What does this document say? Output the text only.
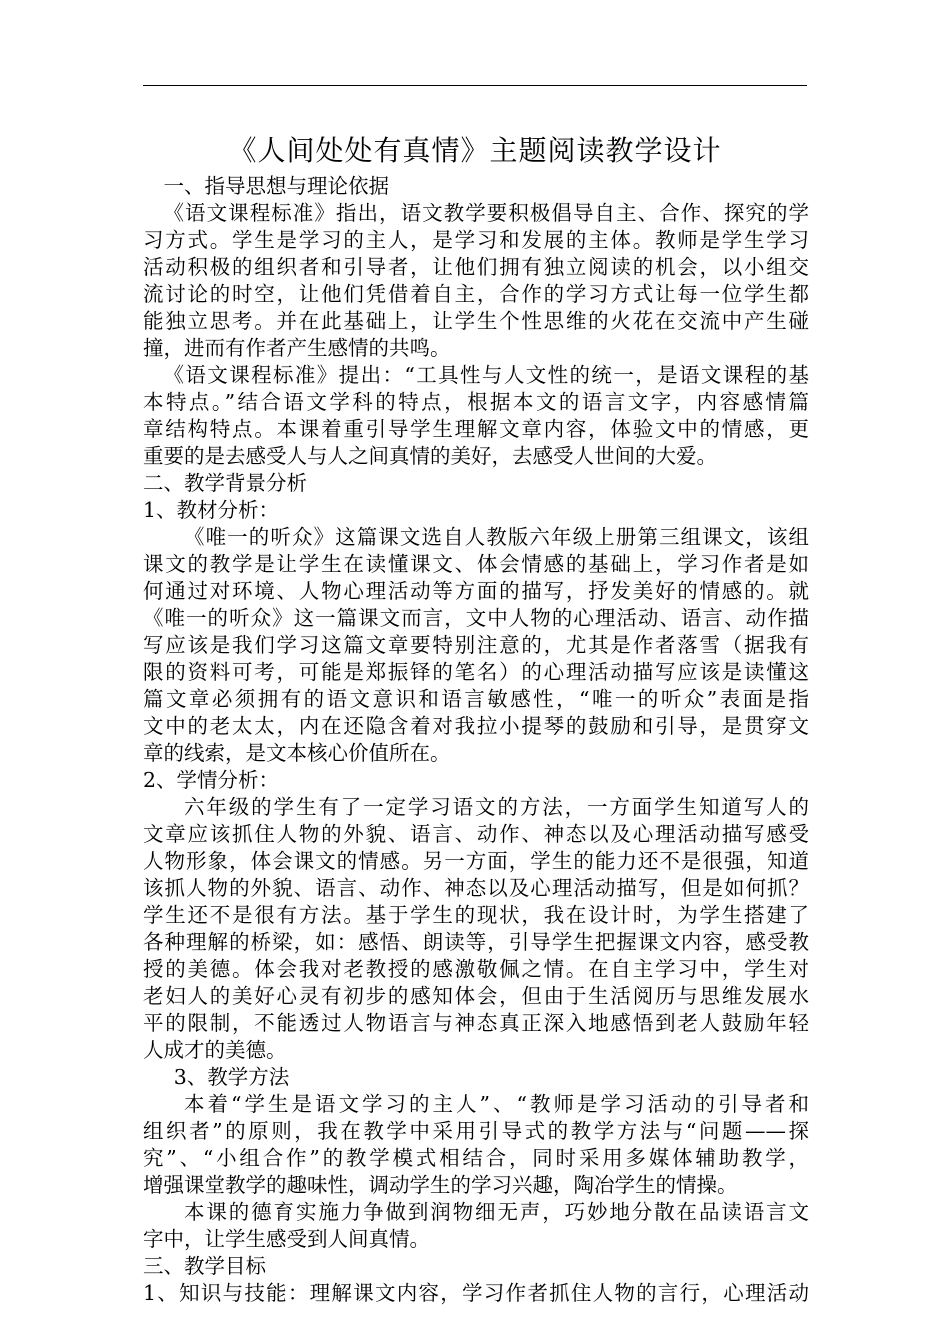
《人间处处有真情》主题阅读教学设计
一、指导思想与理论依据
《语文课程标准》指出，语文教学要积极倡导自主、合作、探究的学
习方式。学生是学习的主人，是学习和发展的主体。教师是学生学习
活动积极的组织者和引导者，让他们拥有独立阅读的机会，以小组交
流讨论的时空，让他们凭借着自主，合作的学习方式让每一位学生都
能独立思考。并在此基础上，让学生个性思维的火花在交流中产生碰
撞，进而有作者产生感情的共鸣。
《语文课程标准》提出：“工具性与人文性的统一，是语文课程的基
本特点。”结合语文学科的特点，根据本文的语言文字，内容感情篇
章结构特点。本课着重引导学生理解文章内容，体验文中的情感，更
重要的是去感受人与人之间真情的美好，去感受人世间的大爱。
二、教学背景分析
1、教材分析：
《唯一的听众》这篇课文选自人教版六年级上册第三组课文，该组
课文的教学是让学生在读懂课文、体会情感的基础上，学习作者是如
何通过对环境、人物心理活动等方面的描写，抒发美好的情感的。就
《唯一的听众》这一篇课文而言，文中人物的心理活动、语言、动作描
写应该是我们学习这篇文章要特别注意的，尤其是作者落雪（据我有
限的资料可考，可能是郑振铎的笔名）的心理活动描写应该是读懂这
篇文章必须拥有的语文意识和语言敏感性，“唯一的听众”表面是指
文中的老太太，内在还隐含着对我拉小提琴的鼓励和引导，是贯穿文
章的线索，是文本核心价值所在。
2、学情分析：
六年级的学生有了一定学习语文的方法，一方面学生知道写人的
文章应该抓住人物的外貌、语言、动作、神态以及心理活动描写感受
人物形象，体会课文的情感。另一方面，学生的能力还不是很强，知道
该抓人物的外貌、语言、动作、神态以及心理活动描写，但是如何抓？
学生还不是很有方法。基于学生的现状，我在设计时，为学生搭建了
各种理解的桥梁，如：感悟、朗读等，引导学生把握课文内容，感受教
授的美德。体会我对老教授的感激敬佩之情。在自主学习中，学生对
老妇人的美好心灵有初步的感知体会，但由于生活阅历与思维发展水
平的限制，不能透过人物语言与神态真正深入地感悟到老人鼓励年轻
人成才的美德。
3、教学方法
本着“学生是语文学习的主人”、“教师是学习活动的引导者和
组织者”的原则，我在教学中采用引导式的教学方法与“问题——探
究”、“小组合作”的教学模式相结合，同时采用多媒体辅助教学，
增强课堂教学的趣味性，调动学生的学习兴趣，陶冶学生的情操。
本课的德育实施力争做到润物细无声，巧妙地分散在品读语言文
字中，让学生感受到人间真情。
三、教学目标
1、知识与技能：理解课文内容，学习作者抓住人物的言行，心理活动
